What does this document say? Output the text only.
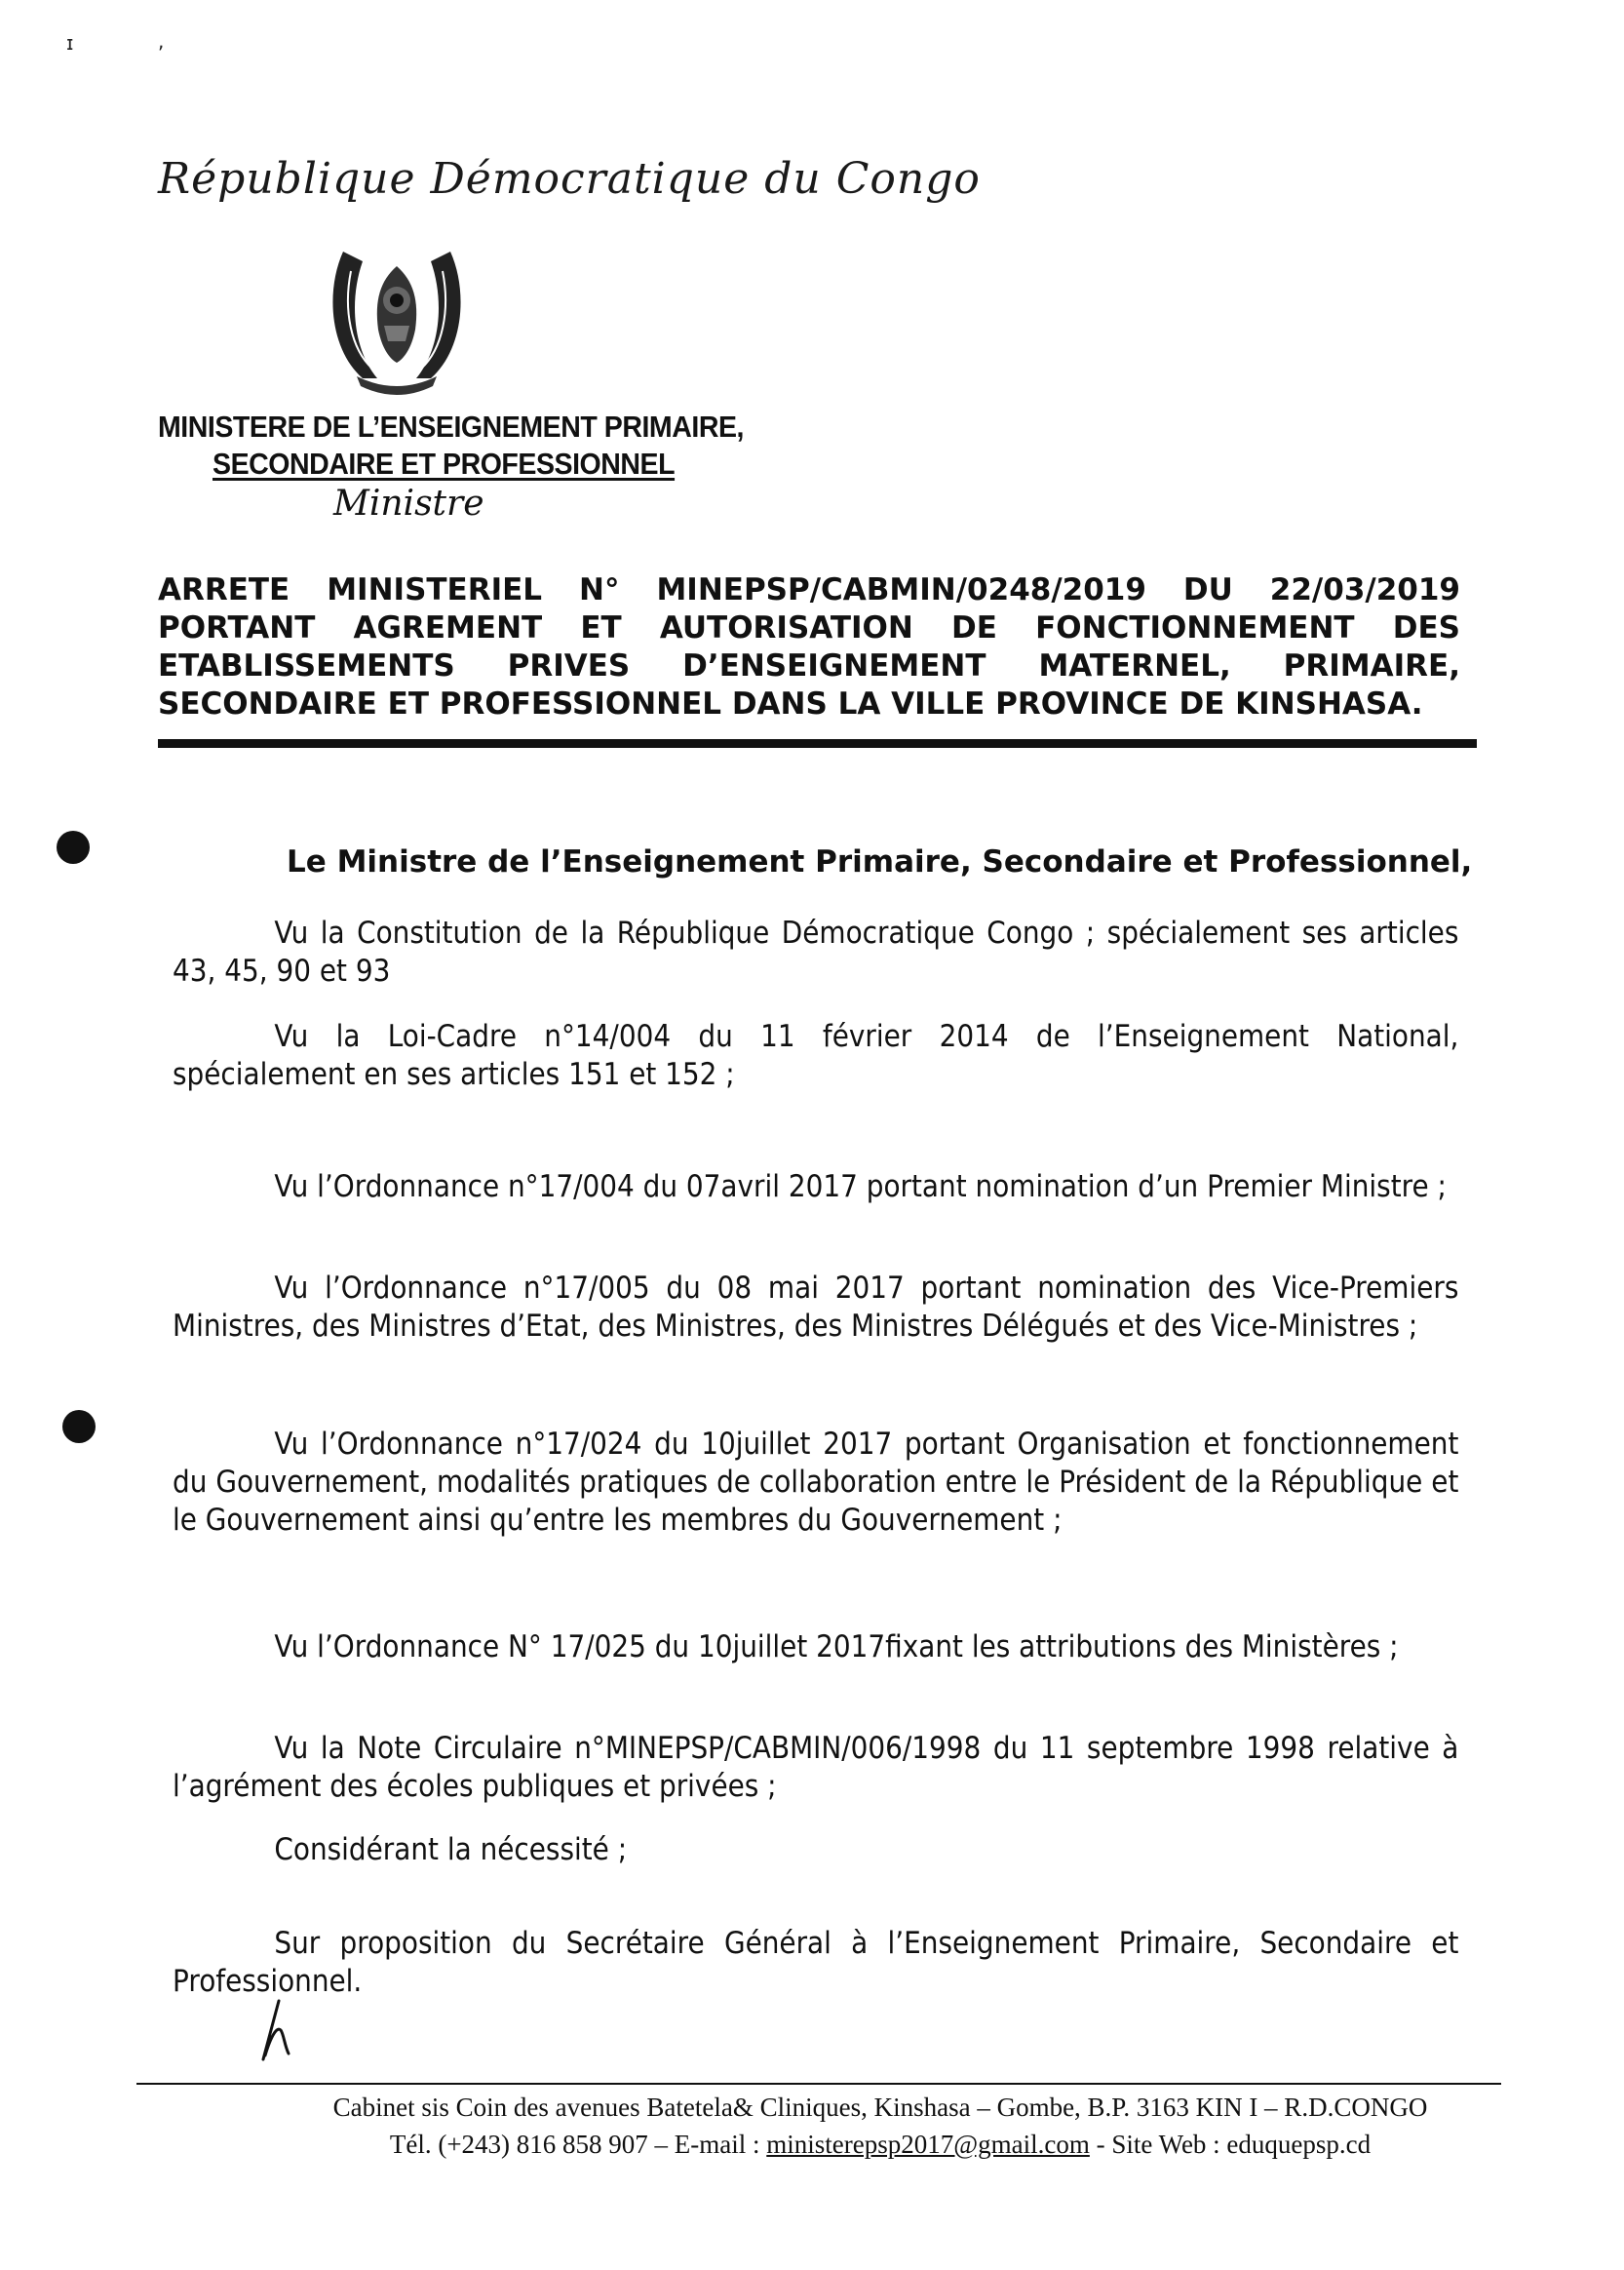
ɪ	,
République Démocratique du Congo
MINISTERE DE L’ENSEIGNEMENT PRIMAIRE,
SECONDAIRE ET PROFESSIONNEL
Ministre
ARRETE MINISTERIEL N° MINEPSP/CABMIN/0248/2019 DU 22/03/2019
PORTANT AGREMENT ET AUTORISATION DE FONCTIONNEMENT DES
ETABLISSEMENTS PRIVES D’ENSEIGNEMENT MATERNEL, PRIMAIRE,
SECONDAIRE ET PROFESSIONNEL DANS LA VILLE PROVINCE DE KINSHASA.
Le Ministre de l’Enseignement Primaire, Secondaire et Professionnel,
Vu la Constitution de la République Démocratique Congo ; spécialement ses articles 43, 45, 90 et 93
Vu la Loi-Cadre n°14/004 du 11 février 2014 de l’Enseignement National, spécialement en ses articles 151 et 152 ;
Vu l’Ordonnance n°17/004 du 07avril 2017 portant nomination d’un Premier Ministre ;
Vu l’Ordonnance n°17/005 du 08 mai 2017 portant nomination des Vice-Premiers Ministres, des Ministres d’Etat, des Ministres, des Ministres Délégués et des Vice-Ministres ;
Vu l’Ordonnance n°17/024 du 10juillet 2017 portant Organisation et fonctionnement du Gouvernement, modalités pratiques de collaboration entre le Président de la République et le Gouvernement ainsi qu’entre les membres du Gouvernement ;
Vu l’Ordonnance N° 17/025 du 10juillet 2017fixant les attributions des Ministères ;
Vu la Note Circulaire n°MINEPSP/CABMIN/006/1998 du 11 septembre 1998 relative à l’agrément des écoles publiques et privées ;
Considérant la nécessité ;
Sur proposition du Secrétaire Général à l’Enseignement Primaire, Secondaire et Professionnel.
Cabinet sis Coin des avenues Batetela& Cliniques, Kinshasa – Gombe, B.P. 3163 KIN I – R.D.CONGO
Tél. (+243) 816 858 907 – E-mail : ministerepsp2017@gmail.com - Site Web : eduquepsp.cd
